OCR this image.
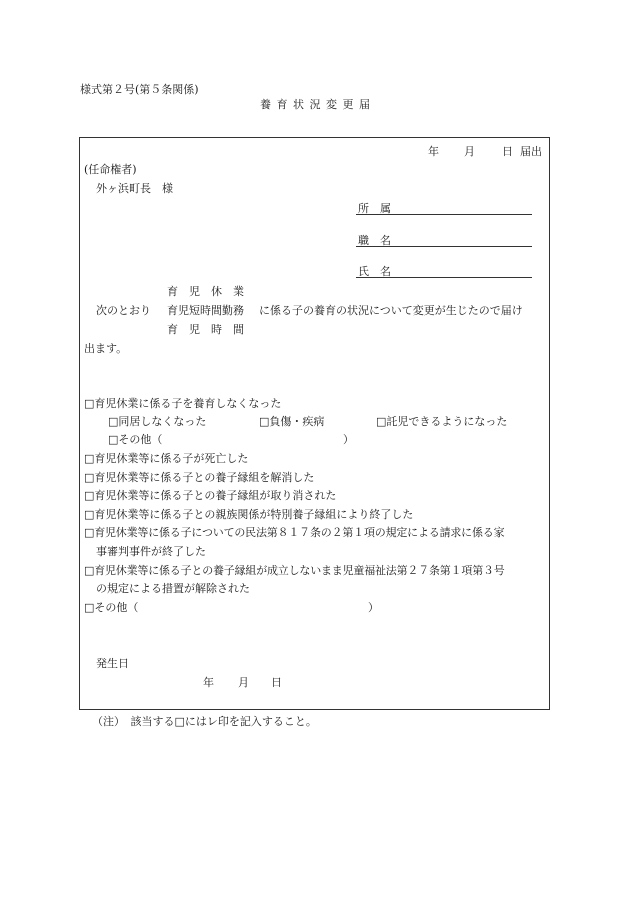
様式第２号(第５条関係)
養 育 状 況 変 更 届
年 月 日 届出
(任命権者)
外ヶ浜町長　様
所　属
職　名
氏　名
育　児　休　業
次のとおり 育児短時間勤務 に係る子の養育の状況について変更が生じたので届け
育　児　時　間
出ます。
□育児休業に係る子を養育しなくなった
□同居しなくなった	□負傷・疾病	□託児できるようになった
□その他（	）
□育児休業等に係る子が死亡した
□育児休業等に係る子との養子縁組を解消した
□育児休業等に係る子との養子縁組が取り消された
□育児休業等に係る子との親族関係が特別養子縁組により終了した
□育児休業等に係る子についての民法第８１７条の２第１項の規定による請求に係る家
事審判事件が終了した
□育児休業等に係る子との養子縁組が成立しないまま児童福祉法第２７条第１項第３号
の規定による措置が解除された
□その他（	）
発生日
年 月 日
（注）　該当する□にはレ印を記入すること。
